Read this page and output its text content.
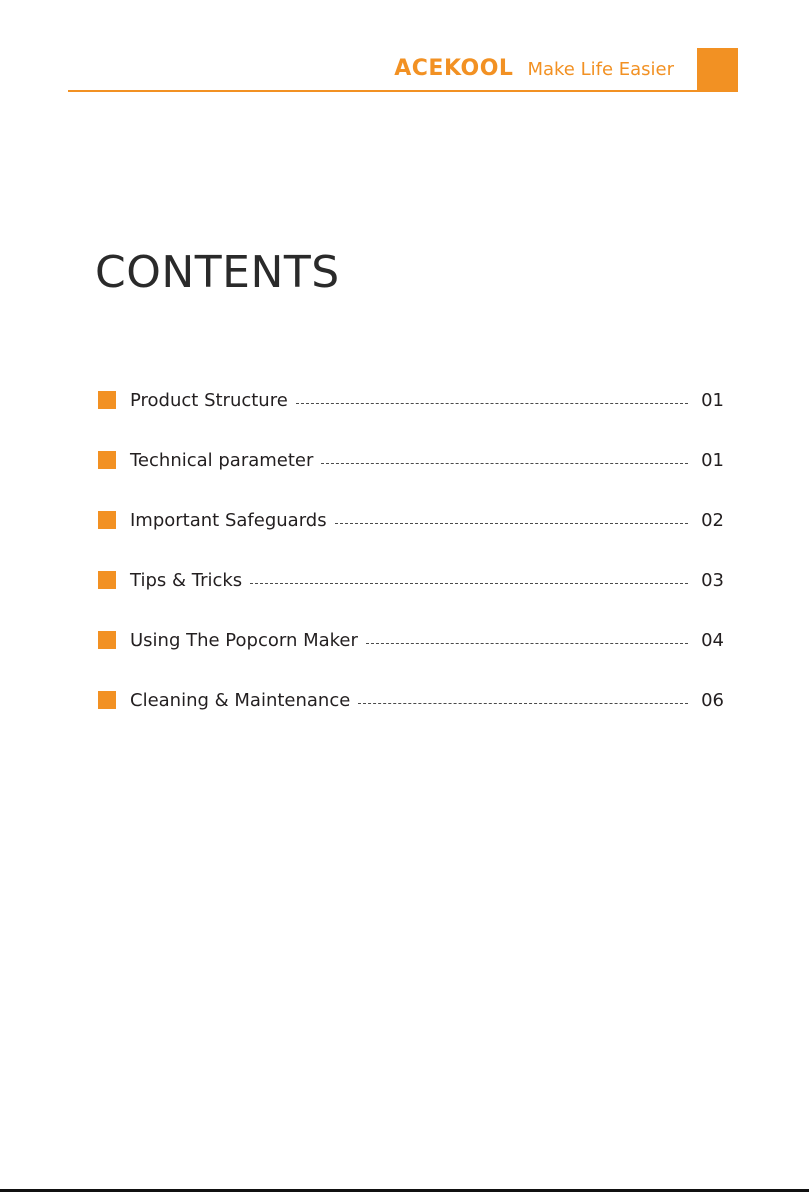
ACEKOOL Make Life Easier
CONTENTS
Product Structure	01
Technical parameter	01
Important Safeguards	02
Tips & Tricks	03
Using The Popcorn Maker	04
Cleaning & Maintenance	06
